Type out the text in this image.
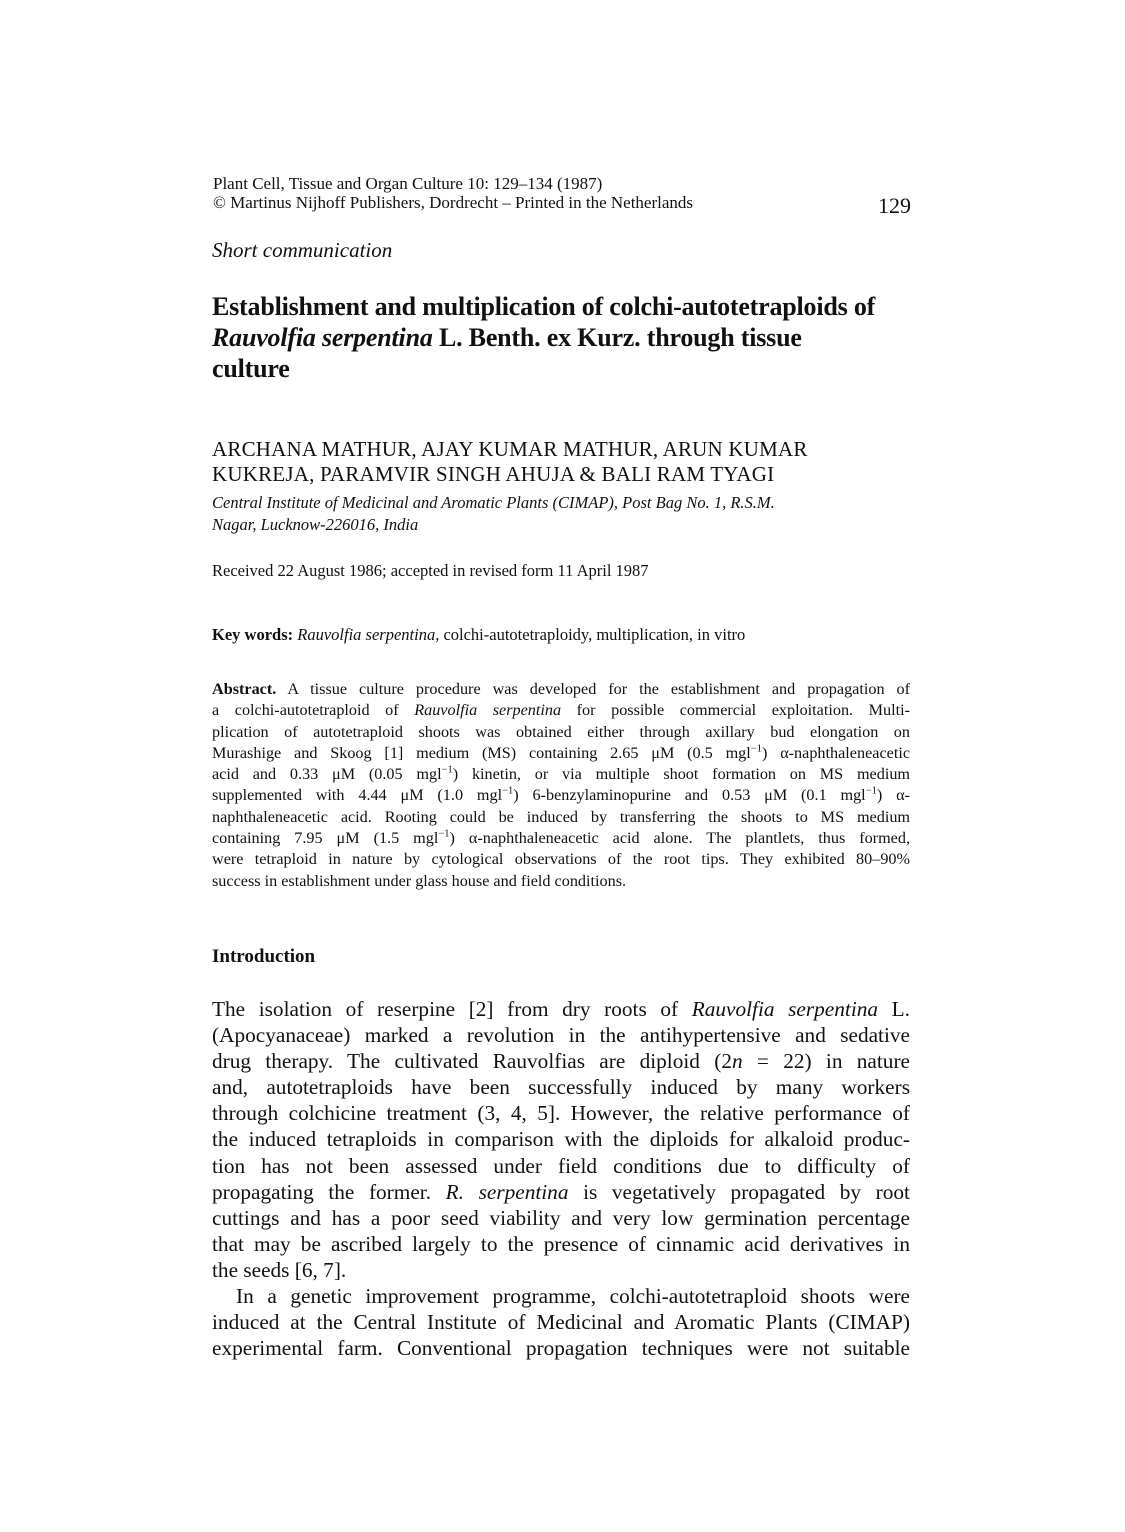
Plant Cell, Tissue and Organ Culture 10: 129–134 (1987)
© Martinus Nijhoff Publishers, Dordrecht – Printed in the Netherlands	129
Short communication
Establishment and multiplication of colchi-autotetraploids of
Rauvolfia serpentina L. Benth. ex Kurz. through tissue
culture
ARCHANA MATHUR, AJAY KUMAR MATHUR, ARUN KUMAR
KUKREJA, PARAMVIR SINGH AHUJA & BALI RAM TYAGI
Central Institute of Medicinal and Aromatic Plants (CIMAP), Post Bag No. 1, R.S.M.
Nagar, Lucknow-226016, India
Received 22 August 1986; accepted in revised form 11 April 1987
Key words: Rauvolfia serpentina, colchi-autotetraploidy, multiplication, in vitro
Abstract. A tissue culture procedure was developed for the establishment and propagation of
a colchi-autotetraploid of Rauvolfia serpentina for possible commercial exploitation. Multi-
plication of autotetraploid shoots was obtained either through axillary bud elongation on
Murashige and Skoog [1] medium (MS) containing 2.65 μM (0.5 mgl$^{-1}$) α-naphthaleneacetic
acid and 0.33 μM (0.05 mgl$^{-1}$) kinetin, or via multiple shoot formation on MS medium
supplemented with 4.44 μM (1.0 mgl$^{-1}$) 6-benzylaminopurine and 0.53 μM (0.1 mgl$^{-1}$) α-
naphthaleneacetic acid. Rooting could be induced by transferring the shoots to MS medium
containing 7.95 μM (1.5 mgl$^{-1}$) α-naphthaleneacetic acid alone. The plantlets, thus formed,
were tetraploid in nature by cytological observations of the root tips. They exhibited 80–90%
success in establishment under glass house and field conditions.
Introduction
The isolation of reserpine [2] from dry roots of Rauvolfia serpentina L.
(Apocyanaceae) marked a revolution in the antihypertensive and sedative
drug therapy. The cultivated Rauvolfias are diploid (2n = 22) in nature
and, autotetraploids have been successfully induced by many workers
through colchicine treatment (3, 4, 5]. However, the relative performance of
the induced tetraploids in comparison with the diploids for alkaloid produc-
tion has not been assessed under field conditions due to difficulty of
propagating the former. R. serpentina is vegetatively propagated by root
cuttings and has a poor seed viability and very low germination percentage
that may be ascribed largely to the presence of cinnamic acid derivatives in
the seeds [6, 7].
In a genetic improvement programme, colchi-autotetraploid shoots were
induced at the Central Institute of Medicinal and Aromatic Plants (CIMAP)
experimental farm. Conventional propagation techniques were not suitable
